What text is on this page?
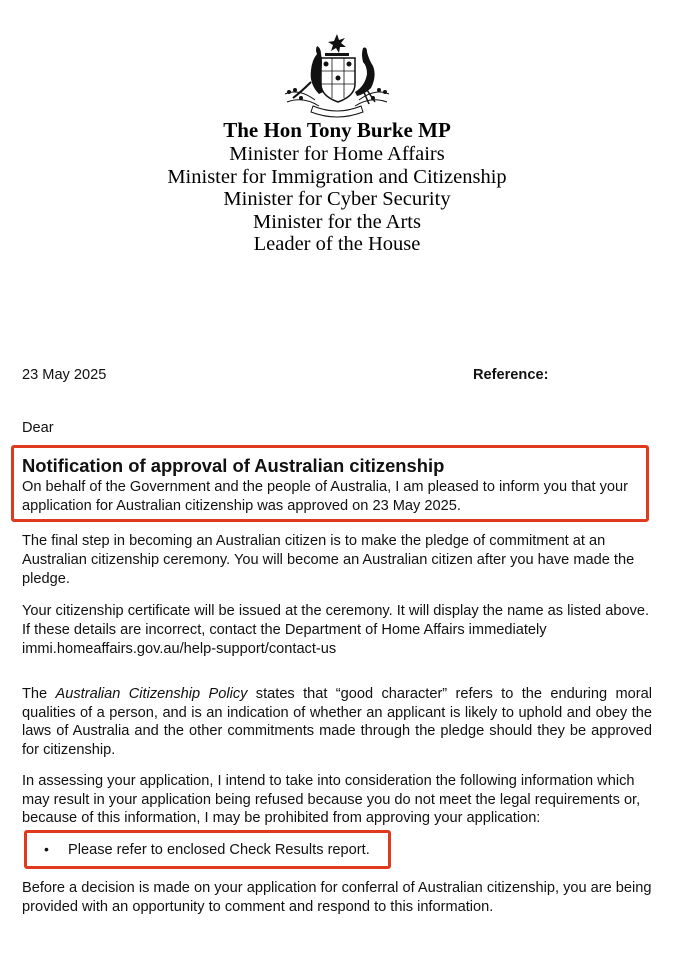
The Hon Tony Burke MP
Minister for Home Affairs
Minister for Immigration and Citizenship
Minister for Cyber Security
Minister for the Arts
Leader of the House
23 May 2025	Reference:
Dear
Notification of approval of Australian citizenship
On behalf of the Government and the people of Australia, I am pleased to inform you that your application for Australian citizenship was approved on 23 May 2025.
The final step in becoming an Australian citizen is to make the pledge of commitment at an Australian citizenship ceremony. You will become an Australian citizen after you have made the pledge.
Your citizenship certificate will be issued at the ceremony. It will display the name as listed above. If these details are incorrect, contact the Department of Home Affairs immediately immi.homeaffairs.gov.au/help-support/contact-us
The Australian Citizenship Policy states that “good character” refers to the enduring moral qualities of a person, and is an indication of whether an applicant is likely to uphold and obey the laws of Australia and the other commitments made through the pledge should they be approved for citizenship.
In assessing your application, I intend to take into consideration the following information which may result in your application being refused because you do not meet the legal requirements or, because of this information, I may be prohibited from approving your application:
• Please refer to enclosed Check Results report.
Before a decision is made on your application for conferral of Australian citizenship, you are being provided with an opportunity to comment and respond to this information.
